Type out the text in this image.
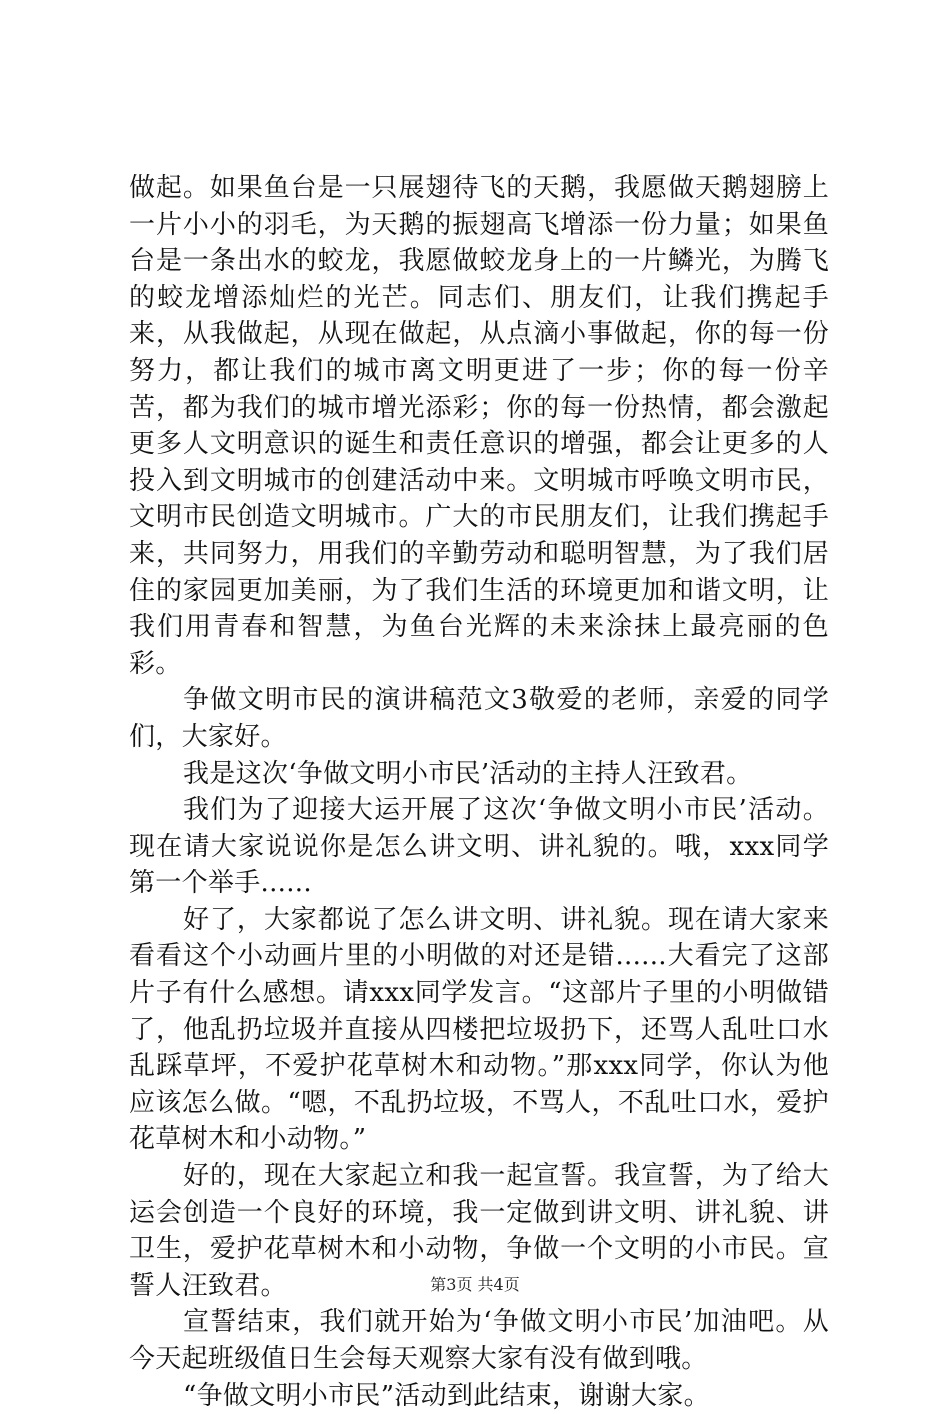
做起。如果鱼台是一只展翅待飞的天鹅，我愿做天鹅翅膀上一片小小的羽毛，为天鹅的振翅高飞增添一份力量；如果鱼台是一条出水的蛟龙，我愿做蛟龙身上的一片鳞光，为腾飞的蛟龙增添灿烂的光芒。同志们、朋友们，让我们携起手来，从我做起，从现在做起，从点滴小事做起，你的每一份努力，都让我们的城市离文明更进了一步；你的每一份辛苦，都为我们的城市增光添彩；你的每一份热情，都会激起更多人文明意识的诞生和责任意识的增强，都会让更多的人投入到文明城市的创建活动中来。文明城市呼唤文明市民，文明市民创造文明城市。广大的市民朋友们，让我们携起手来，共同努力，用我们的辛勤劳动和聪明智慧，为了我们居住的家园更加美丽，为了我们生活的环境更加和谐文明，让我们用青春和智慧，为鱼台光辉的未来涂抹上最亮丽的色彩。

争做文明市民的演讲稿范文3敬爱的老师，亲爱的同学们，大家好。

我是这次‘争做文明小市民’活动的主持人汪致君。

我们为了迎接大运开展了这次‘争做文明小市民’活动。现在请大家说说你是怎么讲文明、讲礼貌的。哦，xxx同学第一个举手......

好了，大家都说了怎么讲文明、讲礼貌。现在请大家来看看这个小动画片里的小明做的对还是错......大看完了这部片子有什么感想。请xxx同学发言。“这部片子里的小明做错了，他乱扔垃圾并直接从四楼把垃圾扔下，还骂人乱吐口水乱踩草坪，不爱护花草树木和动物。”那xxx同学，你认为他应该怎么做。“嗯，不乱扔垃圾，不骂人，不乱吐口水，爱护花草树木和小动物。”

好的，现在大家起立和我一起宣誓。我宣誓，为了给大运会创造一个良好的环境，我一定做到讲文明、讲礼貌、讲卫生，爱护花草树木和小动物，争做一个文明的小市民。宣誓人汪致君。

宣誓结束，我们就开始为‘争做文明小市民’加油吧。从今天起班级值日生会每天观察大家有没有做到哦。

“争做文明小市民”活动到此结束，谢谢大家。

第3页 共4页
